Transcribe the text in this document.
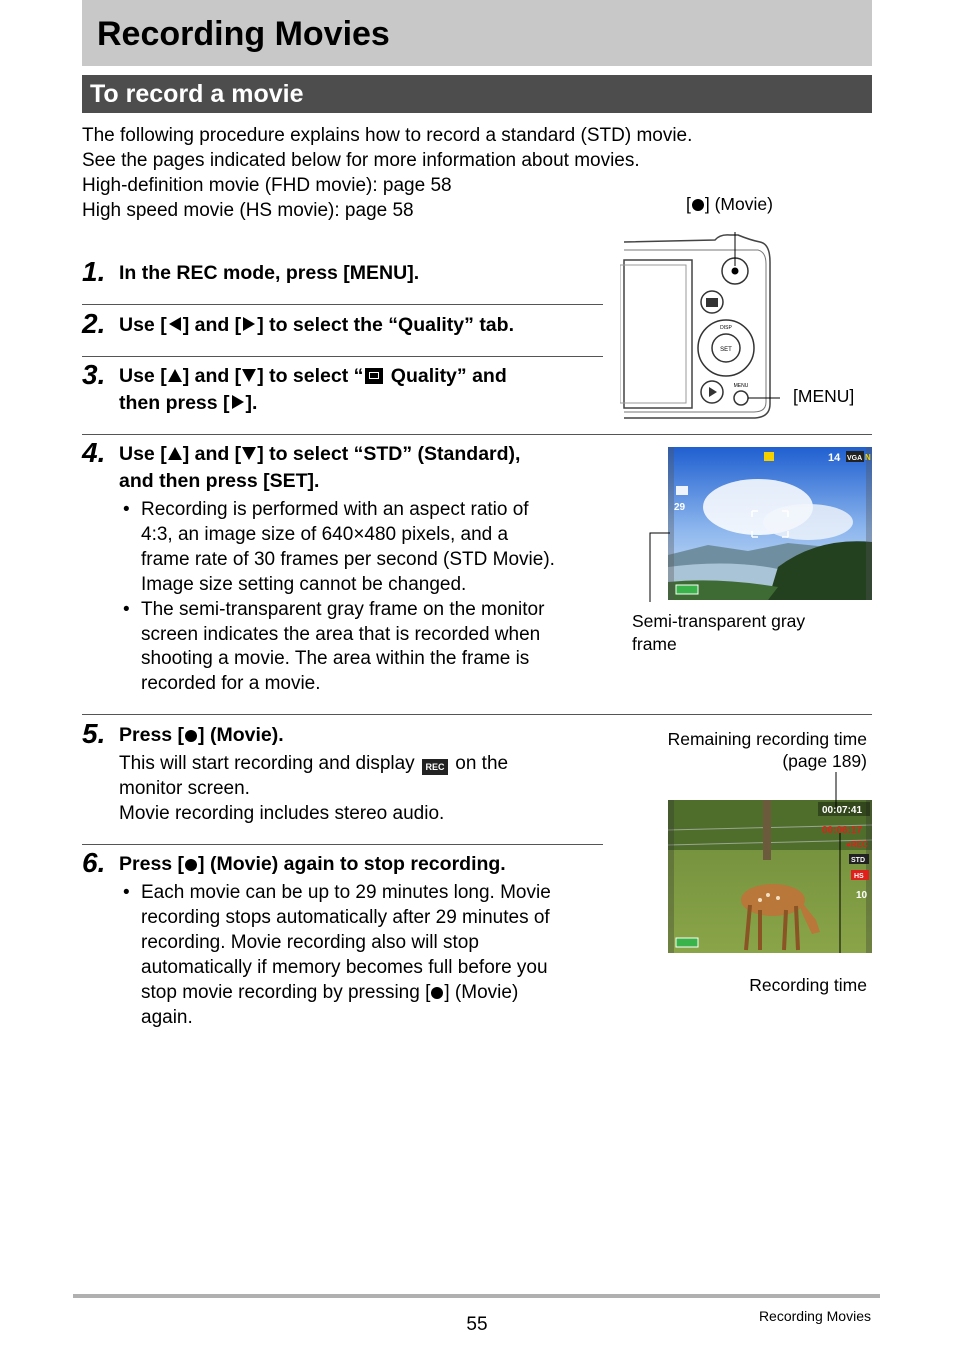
Recording Movies
To record a movie
The following procedure explains how to record a standard (STD) movie.
See the pages indicated below for more information about movies.
High-definition movie (FHD movie): page 58
High speed movie (HS movie): page 58
1. In the REC mode, press [MENU].
2. Use [ ] and [ ] to select the “Quality” tab.
3. Use [ ] and [ ] to select “ Quality” and
then press [ ].
SET
DISP
MENU
[ ] (Movie)
[MENU]
4. Use [ ] and [ ] to select “STD” (Standard),
and then press [SET].
• Recording is performed with an aspect ratio of
4:3, an image size of 640×480 pixels, and a
frame rate of 30 frames per second (STD Movie).
Image size setting cannot be changed.
• The semi-transparent gray frame on the monitor
screen indicates the area that is recorded when
shooting a movie. The area within the frame is
recorded for a movie.
14 VGA N
29
Semi-transparent gray
frame
5. Press [ ] (Movie).
This will start recording and display REC on the
monitor screen.
Movie recording includes stereo audio.
Remaining recording time
(page 189)
00:07:41
00:06:17
●REC
STD
HS
10
Recording time
6. Press [ ] (Movie) again to stop recording.
• Each movie can be up to 29 minutes long. Movie
recording stops automatically after 29 minutes of
recording. Movie recording also will stop
automatically if memory becomes full before you
stop movie recording by pressing [ ] (Movie)
again.
55	Recording Movies
